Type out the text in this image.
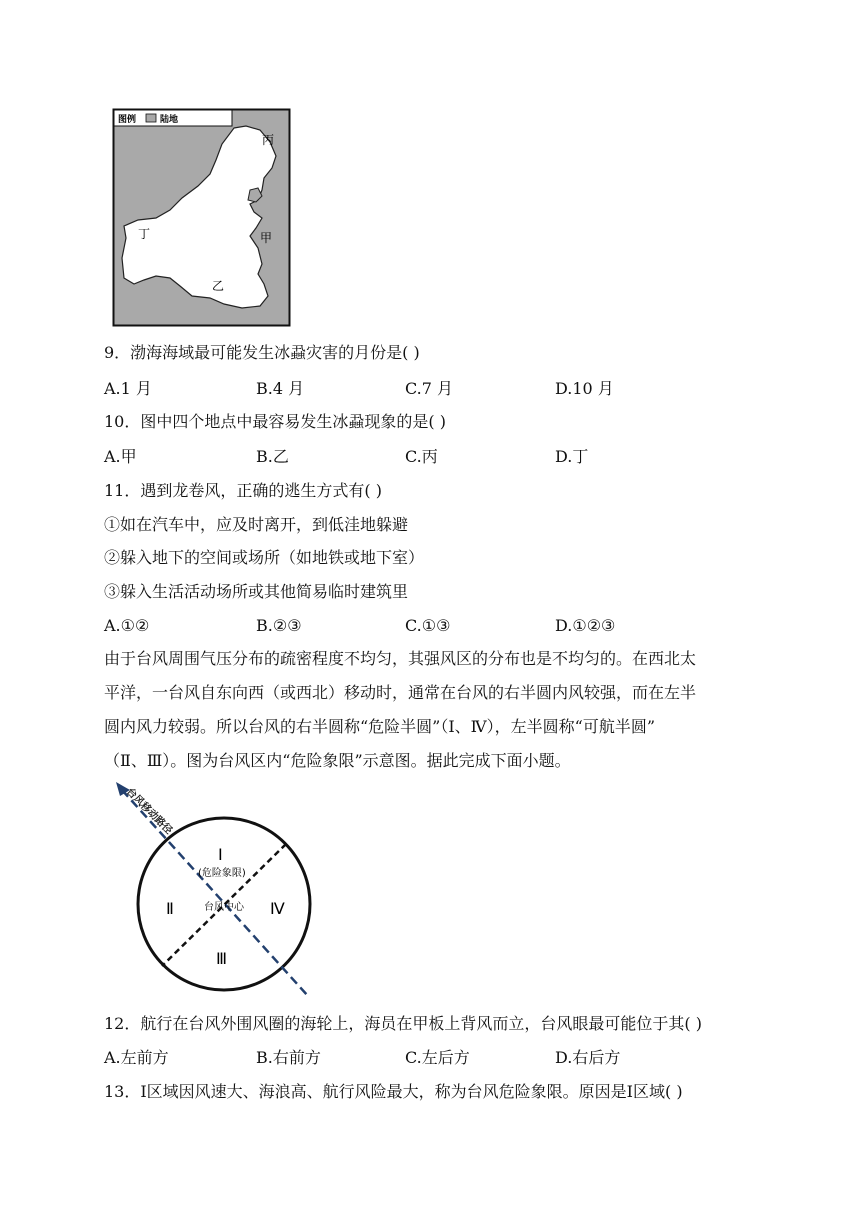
图例	陆地
丙
甲
乙
丁
9．渤海海域最可能发生冰蝨灾害的月份是( )
A.1 月	B.4 月	C.7 月	D.10 月
10．图中四个地点中最容易发生冰蝨现象的是( )
A.甲	B.乙	C.丙	D.丁
11．遇到龙卷风，正确的逃生方式有( )
①如在汽车中，应及时离开，到低洼地躲避
②躲入地下的空间或场所（如地铁或地下室）
③躲入生活活动场所或其他简易临时建筑里
A.①②	B.②③	C.①③	D.①②③

由于台风周围气压分布的疏密程度不均匀，其强风区的分布也是不均匀的。在西北太

平洋，一台风自东向西（或西北）移动时，通常在台风的右半圆内风较强，而在左半

圆内风力较弱。所以台风的右半圆称“危险半圆”（Ⅰ、Ⅳ），左半圆称“可航半圆”

（Ⅱ、Ⅲ）。图为台风区内“危险象限”示意图。据此完成下面小题。

台风移动路径
Ⅰ
(危险象限)
Ⅱ
Ⅲ
Ⅳ
台风中心
12．航行在台风外围风圈的海轮上，海员在甲板上背风而立，台风眼最可能位于其( )
A.左前方	B.右前方	C.左后方	D.右后方
13．Ⅰ区域因风速大、海浪高、航行风险最大，称为台风危险象限。原因是Ⅰ区域( )
